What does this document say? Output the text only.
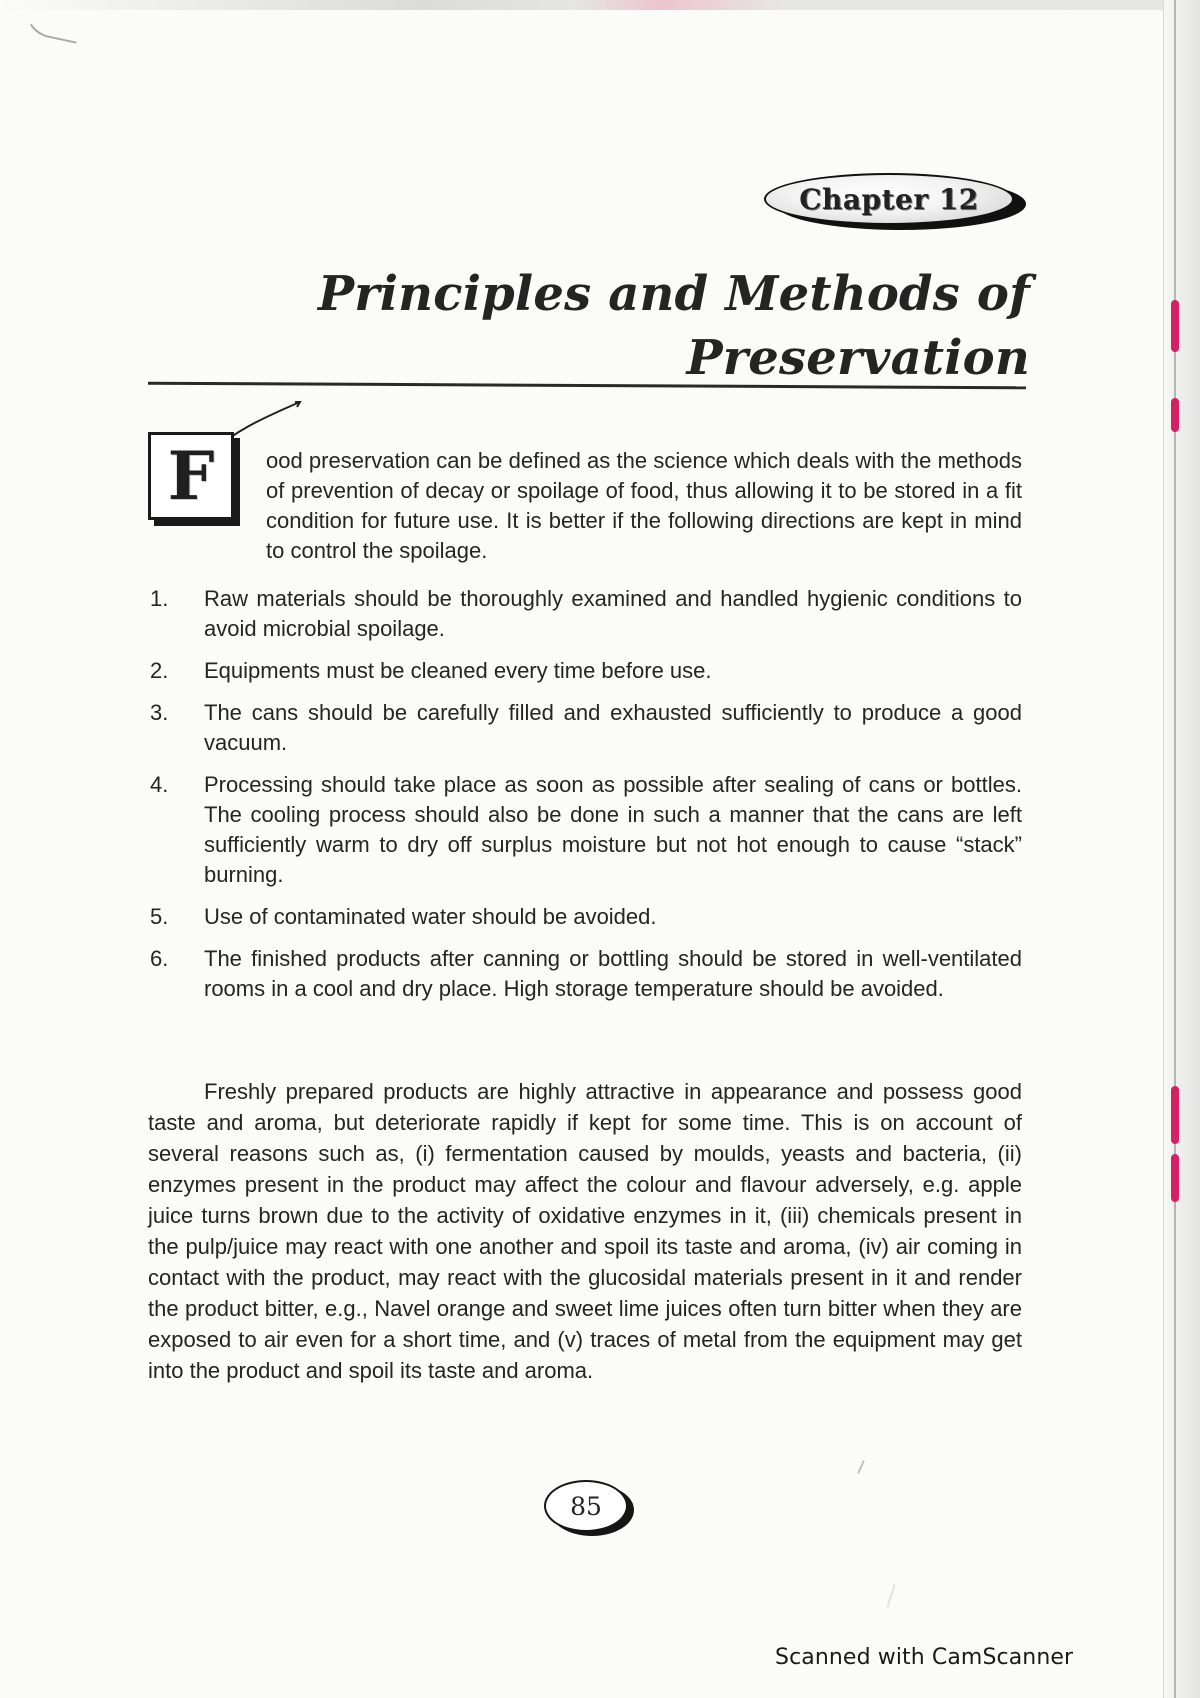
Chapter 12
Principles and Methods of
Preservation
F	ood preservation can be defined as the science which deals with the methods of prevention of decay or spoilage of food, thus allowing it to be stored in a fit condition for future use. It is better if the following directions are kept in mind to control the spoilage.
1.	Raw materials should be thoroughly examined and handled hygienic conditions to avoid microbial spoilage.
2.	Equipments must be cleaned every time before use.
3.	The cans should be carefully filled and exhausted sufficiently to produce a good vacuum.
4.	Processing should take place as soon as possible after sealing of cans or bottles. The cooling process should also be done in such a manner that the cans are left sufficiently warm to dry off surplus moisture but not hot enough to cause “stack” burning.
5.	Use of contaminated water should be avoided.
6.	The finished products after canning or bottling should be stored in well-ventilated rooms in a cool and dry place. High storage temperature should be avoided.

Freshly prepared products are highly attractive in appearance and possess good taste and aroma, but deteriorate rapidly if kept for some time. This is on account of several reasons such as, (i) fermentation caused by moulds, yeasts and bacteria, (ii) enzymes present in the product may affect the colour and flavour adversely, e.g. apple juice turns brown due to the activity of oxidative enzymes in it, (iii) chemicals present in the pulp/juice may react with one another and spoil its taste and aroma, (iv) air coming in contact with the product, may react with the glucosidal materials present in it and render the product bitter, e.g., Navel orange and sweet lime juices often turn bitter when they are exposed to air even for a short time, and (v) traces of metal from the equipment may get into the product and spoil its taste and aroma.

85
Scanned with CamScanner
